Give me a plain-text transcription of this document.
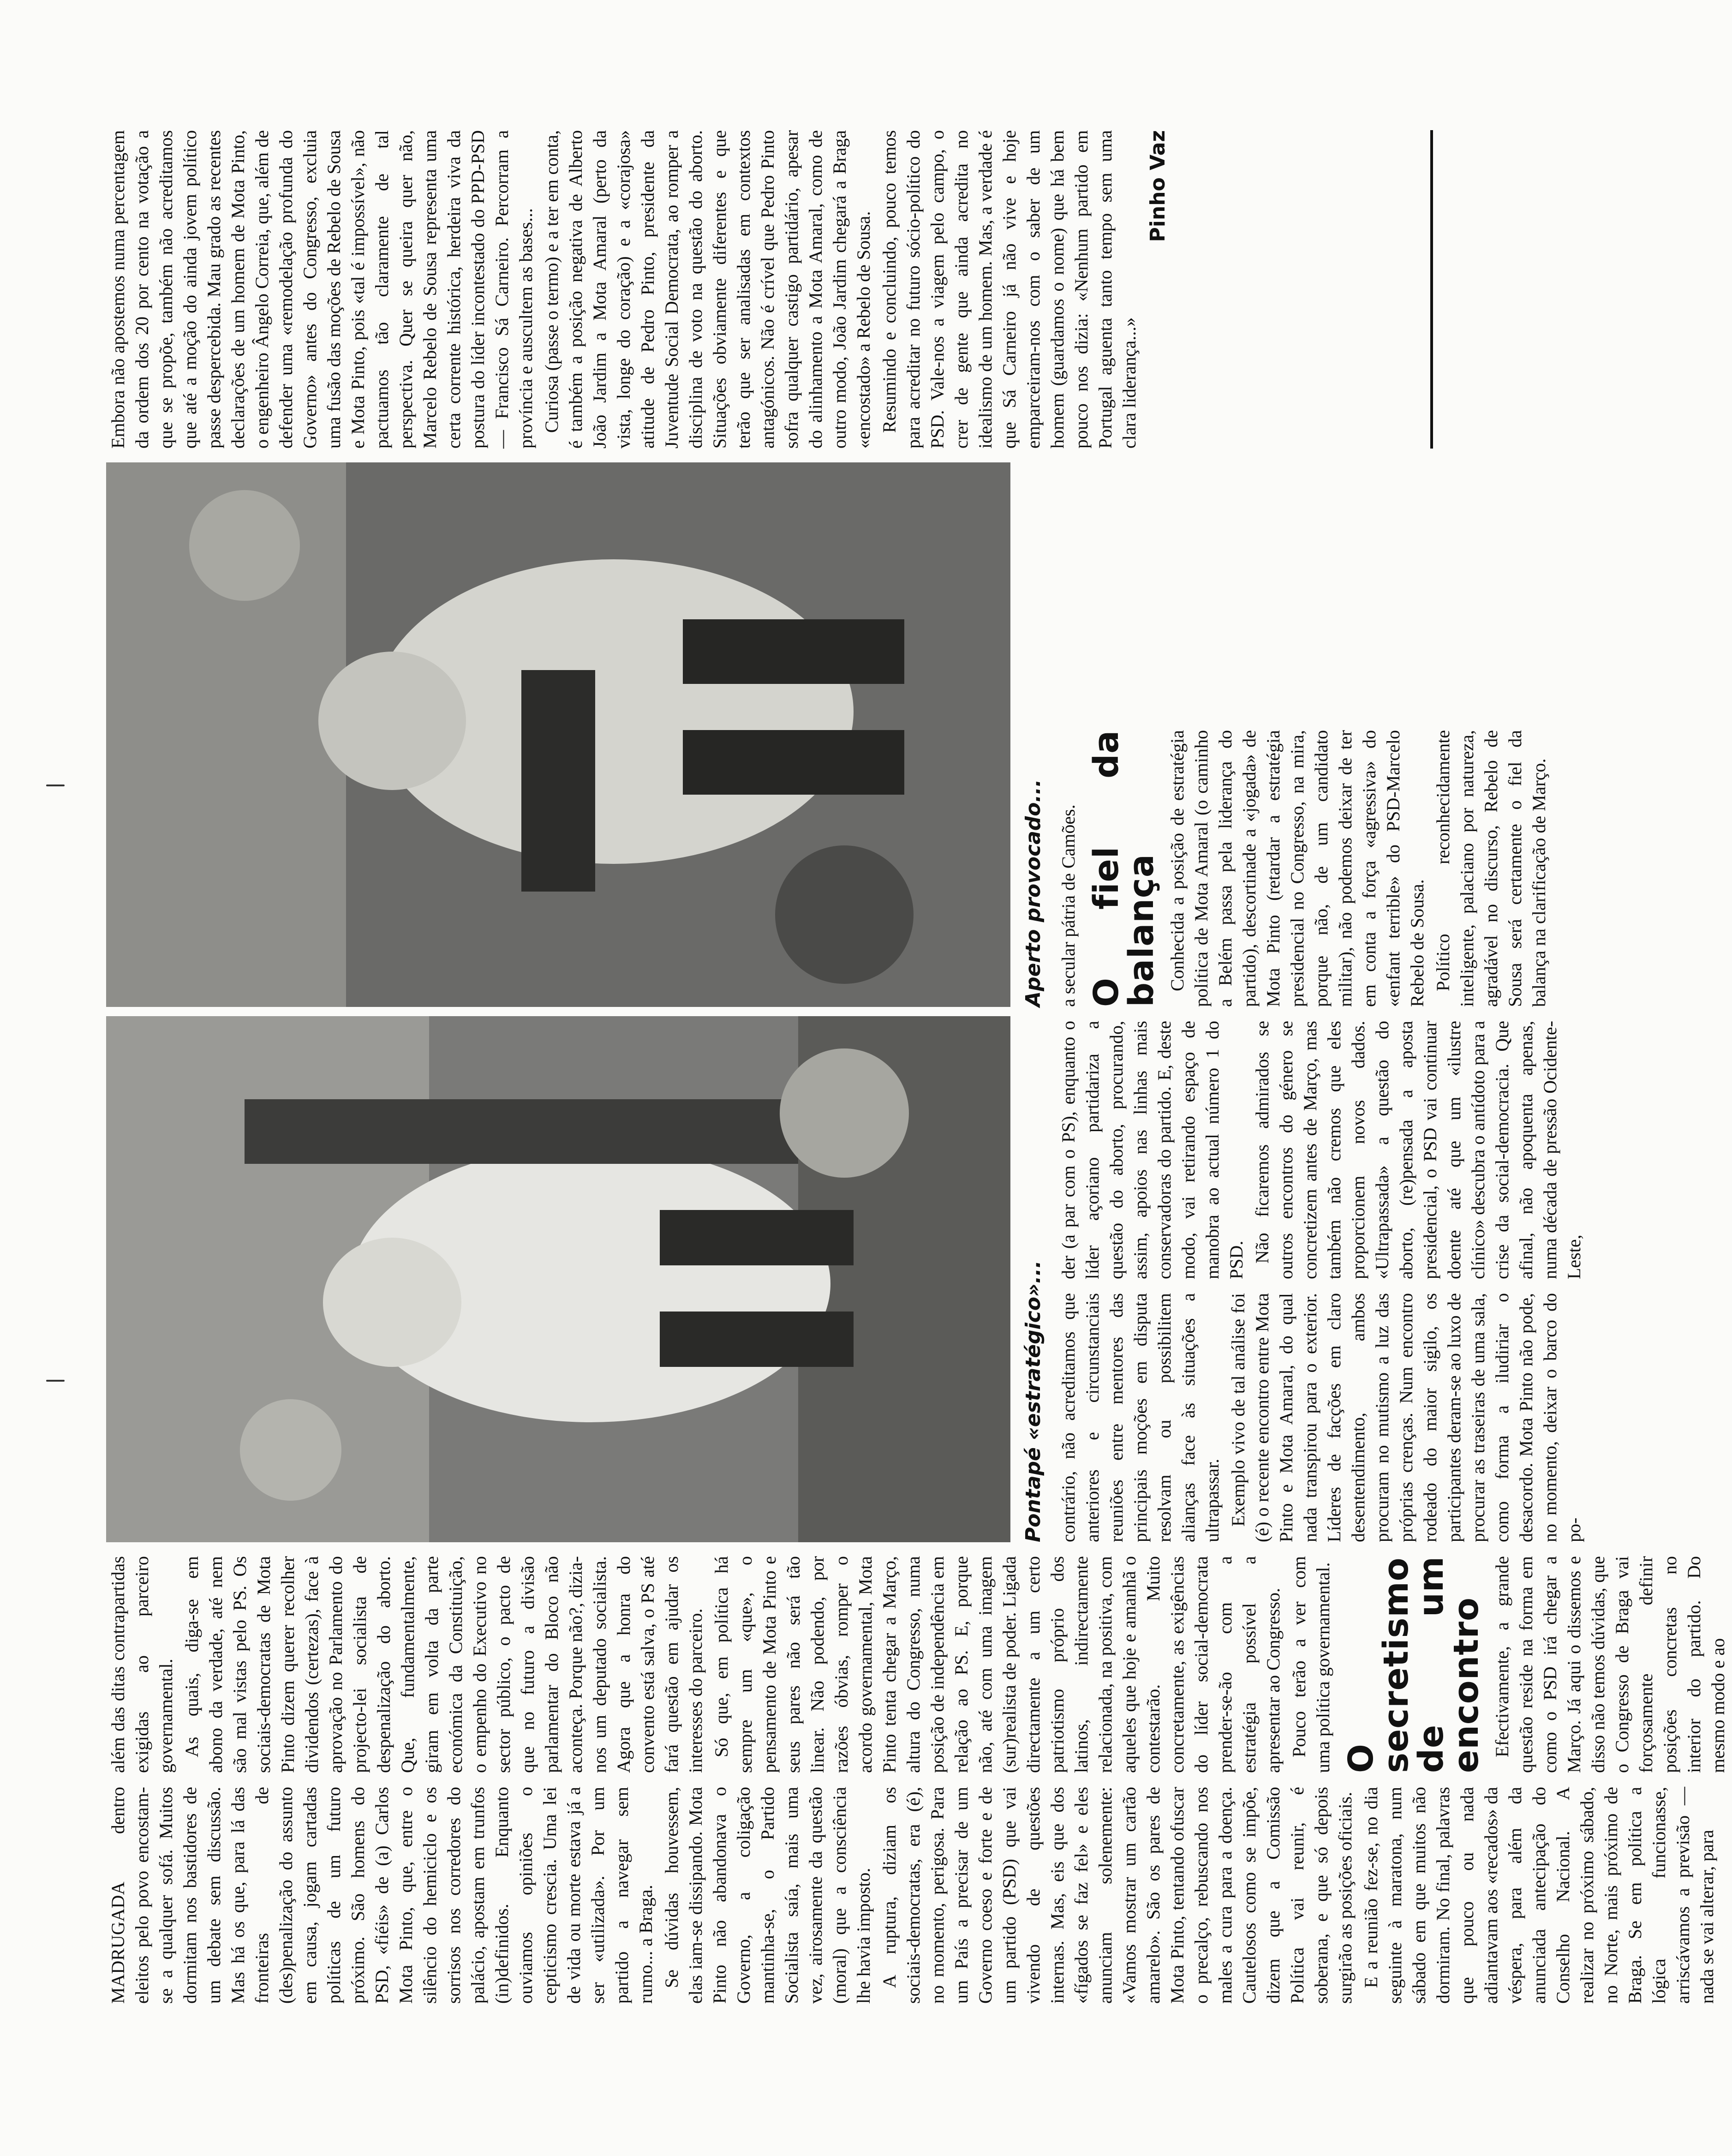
MADRUGADA dentro eleitos pelo povo encostam-se a qualquer sofá. Muitos dormitam nos bastidores de um debate sem discussão. Mas há os que, para lá das fronteiras de (des)penalização do assunto em causa, jogam cartadas políticas de um futuro próximo. São homens do PSD, «fiéis» de (a) Carlos Mota Pinto, que, entre o silêncio do hemiciclo e os sorrisos nos corredores do palácio, apostam em trunfos (in)definidos. Enquanto ouviamos opiniões o cepticismo crescia. Uma lei de vida ou morte estava já a ser «utilizada». Por um partido a navegar sem rumo... a Braga. Se dúvidas houvessem, elas iam-se dissipando. Mota Pinto não abandonava o Governo, a coligação mantinha-se, o Partido Socialista saía, mais uma vez, airosamente da questão (moral) que a consciência lhe havia imposto. A ruptura, diziam os sociais-democratas, era (é), no momento, perigosa. Para um País a precisar de um Governo coeso e forte e de um partido (PSD) que vai vivendo de questões internas. Mas, eis que dos «fígados se faz fel» e eles anunciam solenemente: «Vamos mostrar um cartão amarelo». São os pares de Mota Pinto, tentando ofuscar o precalço, rebuscando nos males a cura para a doença. Cautelosos como se impõe, dizem que a Comissão Política vai reunir, é soberana, e que só depois surgirão as posições oficiais. E a reunião fez-se, no dia seguinte à maratona, num sábado em que muitos não dormiram. No final, palavras que pouco ou nada adiantavam aos «recados» da véspera, para além da anunciada antecipação do Conselho Nacional. A realizar no próximo sábado, no Norte, mais próximo de Braga. Se em política a lógica funcionasse, arriscávamos a previsão — nada se vai alterar, para

além das ditas contrapartidas exigidas ao parceiro governamental. As quais, diga-se em abono da verdade, até nem são mal vistas pelo PS. Os sociais-democratas de Mota Pinto dizem querer recolher dividendos (certezas), face à aprovação no Parlamento do projecto-lei socialista de despenalização do aborto. Que, fundamentalmente, giram em volta da parte económica da Constituição, o empenho do Executivo no sector público, o pacto de que no futuro a divisão parlamentar do Bloco não aconteça. Porque não?, dizia-nos um deputado socialista. Agora que a honra do convento está salva, o PS até fará questão em ajudar os interesses do parceiro. Só que, em política há sempre um «que», o pensamento de Mota Pinto e seus pares não será tão linear. Não podendo, por razões óbvias, romper o acordo governamental, Mota Pinto tenta chegar a Março, altura do Congresso, numa posição de independência em relação ao PS. E, porque não, até com uma imagem (sur)realista de poder. Ligada directamente a um certo patriotismo próprio dos latinos, indirectamente relacionada, na positiva, com aqueles que hoje e amanhã o contestarão. Muito concretamente, as exigências do líder social-democrata prender-se-ão com a estratégia possível a apresentar ao Congresso. Pouco terão a ver com uma política governamental. O secretismo
de um encontro Efectivamente, a grande questão reside na forma em como o PSD irá chegar a Março. Já aqui o dissemos e disso não temos dúvidas, que o Congresso de Braga vai forçosamente definir posições concretas no interior do partido. Do mesmo modo e ao

Pontapé «estratégico»...
Aperto provocado...

contrário, não acreditamos que anteriores e circunstanciais reuniões entre mentores das principais moções em disputa resolvam ou possibilitem alianças face às situações a ultrapassar. Exemplo vivo de tal análise foi (é) o recente encontro entre Mota Pinto e Mota Amaral, do qual nada transpirou para o exterior. Líderes de facções em claro desentendimento, ambos procuram no mutismo a luz das próprias crenças. Num encontro rodeado do maior sigilo, os participantes deram-se ao luxo de procurar as traseiras de uma sala, como forma a iludiriar o desacordo. Mota Pinto não pode, no momento, deixar o barco do po-

der (a par com o PS), enquanto o líder açoriano partidariza a questão do aborto, procurando, assim, apoios nas linhas mais conservadoras do partido. E, deste modo, vai retirando espaço de manobra ao actual número 1 do PSD. Não ficaremos admirados se outros encontros do género se concretizem antes de Março, mas também não cremos que eles proporcionem novos dados. «Ultrapassada» a questão do aborto, (re)pensada a aposta presidencial, o PSD vai continuar doente até que um «ilustre clínico» descubra o antídoto para a crise da social-democracia. Que afinal, não apoquenta apenas, numa década de pressão Ocidente-Leste,

a secular pátria de Camões. O fiel da balança Conhecida a posição de estratégia política de Mota Amaral (o caminho a Belém passa pela liderança do partido), descortinade a «jogada» de Mota Pinto (retardar a estratégia presidencial no Congresso, na mira, porque não, de um candidato militar), não podemos deixar de ter em conta a força «agressiva» do «enfant terrible» do PSD-Marcelo Rebelo de Sousa. Político reconhecidamente inteligente, palaciano por natureza, agradável no discurso, Rebelo de Sousa será certamente o fiel da balança na clarificação de Março.

Embora não apostemos numa percentagem da ordem dos 20 por cento na votação a que se propõe, também não acreditamos que até a moção do ainda jovem político passe despercebida. Mau grado as recentes declarações de um homem de Mota Pinto, o engenheiro Ângelo Correia, que, além de defender uma «remodelação profunda do Governo» antes do Congresso, excluia uma fusão das moções de Rebelo de Sousa e Mota Pinto, pois «tal é impossível», não pactuamos tão claramente de tal perspectiva. Quer se queira quer não, Marcelo Rebelo de Sousa representa uma certa corrente histórica, herdeira viva da postura do líder incontestado do PPD-PSD — Francisco Sá Carneiro. Percorram a província e auscultem as bases... Curiosa (passe o termo) e a ter em conta, é também a posição negativa de Alberto João Jardim a Mota Amaral (perto da vista, longe do coração) e a «corajosa» atitude de Pedro Pinto, presidente da Juventude Social Democrata, ao romper a disciplina de voto na questão do aborto. Situações obviamente diferentes e que terão que ser analisadas em contextos antagónicos. Não é crível que Pedro Pinto sofra qualquer castigo partidário, apesar do alinhamento a Mota Amaral, como de outro modo, João Jardim chegará a Braga «encostado» a Rebelo de Sousa. Resumindo e concluindo, pouco temos para acreditar no futuro sócio-político do PSD. Vale-nos a viagem pelo campo, o crer de gente que ainda acredita no idealismo de um homem. Mas, a verdade é que Sá Carneiro já não vive e hoje emparceiram-nos com o saber de um homem (guardamos o nome) que há bem pouco nos dizia: «Nenhum partido em Portugal aguenta tanto tempo sem uma clara liderança...»

Pinho Vaz
